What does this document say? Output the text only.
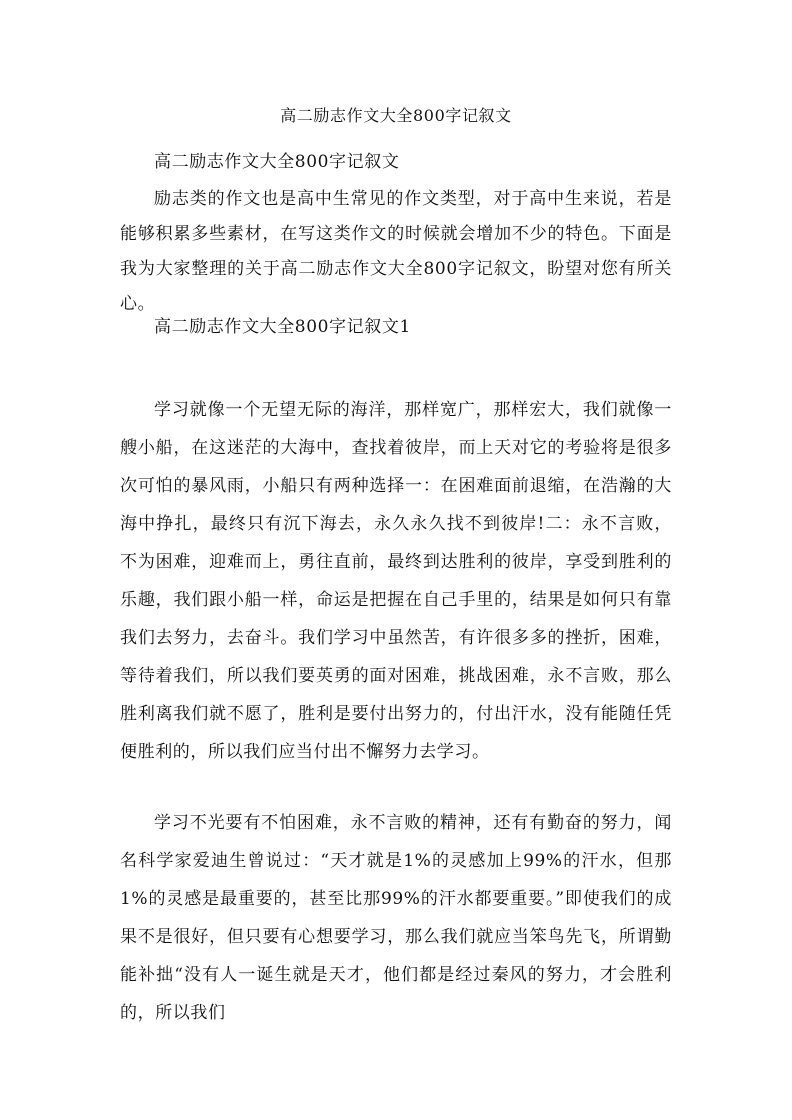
高二励志作文大全800字记叙文

高二励志作文大全800字记叙文

励志类的作文也是高中生常见的作文类型，对于高中生来说，若是能够积累多些素材，在写这类作文的时候就会增加不少的特色。下面是我为大家整理的关于高二励志作文大全800字记叙文，盼望对您有所关心。

高二励志作文大全800字记叙文1

学习就像一个无望无际的海洋，那样宽广，那样宏大，我们就像一艘小船，在这迷茫的大海中，查找着彼岸，而上天对它的考验将是很多次可怕的暴风雨，小船只有两种选择一：在困难面前退缩，在浩瀚的大海中挣扎，最终只有沉下海去，永久永久找不到彼岸!二：永不言败，不为困难，迎难而上，勇往直前，最终到达胜利的彼岸，享受到胜利的乐趣，我们跟小船一样，命运是把握在自己手里的，结果是如何只有靠我们去努力，去奋斗。我们学习中虽然苦，有许很多多的挫折，困难，等待着我们，所以我们要英勇的面对困难，挑战困难，永不言败，那么胜利离我们就不愿了，胜利是要付出努力的，付出汗水，没有能随任凭便胜利的，所以我们应当付出不懈努力去学习。

学习不光要有不怕困难，永不言败的精神，还有有勤奋的努力，闻名科学家爱迪生曾说过：“天才就是1%的灵感加上99%的汗水，但那1%的灵感是最重要的，甚至比那99%的汗水都要重要。”即使我们的成果不是很好，但只要有心想要学习，那么我们就应当笨鸟先飞，所谓勤能补拙“没有人一诞生就是天才，他们都是经过秦风的努力，才会胜利的，所以我们
